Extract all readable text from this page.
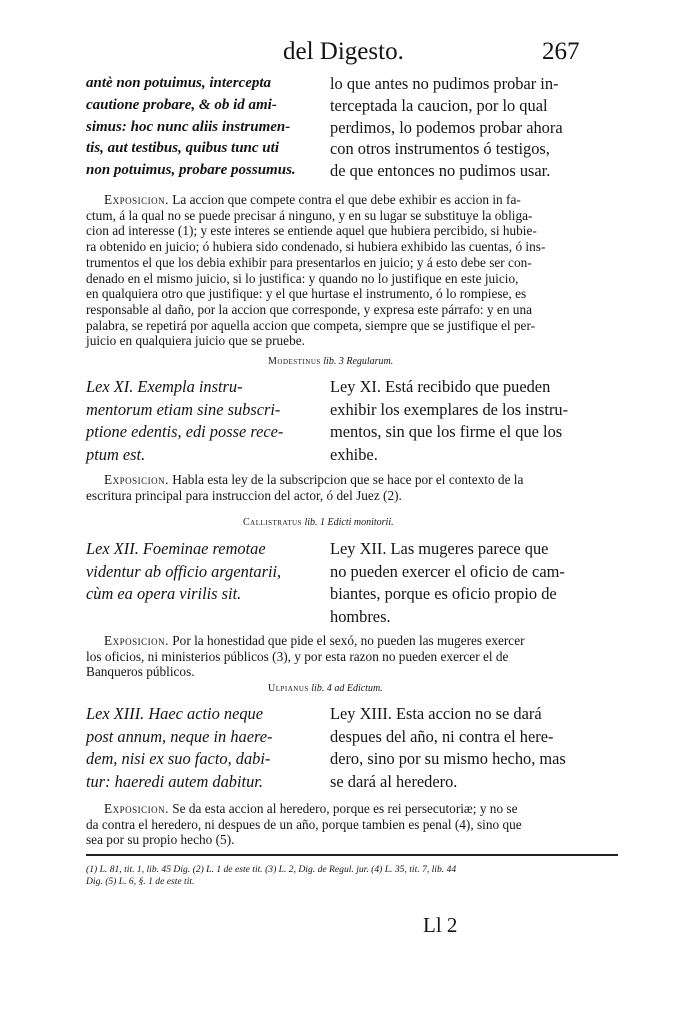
del Digesto.	267
antè non potuimus, intercepta
cautione probare, & ob id ami-
simus: hoc nunc aliis instrumen-
tis, aut testibus, quibus tunc uti
non potuimus, probare possumus.
lo que antes no pudimos probar in-
terceptada la caucion, por lo qual
perdimos, lo podemos probar ahora
con otros instrumentos ó testigos,
de que entonces no pudimos usar.
Exposicion. La accion que compete contra el que debe exhibir es accion in fa-
ctum, á la qual no se puede precisar á ninguno, y en su lugar se substituye la obliga-
cion ad interesse (1); y este interes se entiende aquel que hubiera percibido, si hubie-
ra obtenido en juicio; ó hubiera sido condenado, si hubiera exhibido las cuentas, ó ins-
trumentos el que los debia exhibir para presentarlos en juicio; y á esto debe ser con-
denado en el mismo juicio, si lo justifica: y quando no lo justifique en este juicio,
en qualquiera otro que justifique: y el que hurtase el instrumento, ó lo rompiese, es
responsable al daño, por la accion que corresponde, y expresa este párrafo: y en una
palabra, se repetirá por aquella accion que competa, siempre que se justifique el per-
juicio en qualquiera juicio que se pruebe.
Modestinus lib. 3 Regularum.
Lex XI. Exempla instru-
mentorum etiam sine subscri-
ptione edentis, edi posse rece-
ptum est.
Ley XI. Está recibido que pueden
exhibir los exemplares de los instru-
mentos, sin que los firme el que los
exhibe.
Exposicion. Habla esta ley de la subscripcion que se hace por el contexto de la
escritura principal para instruccion del actor, ó del Juez (2).
Callistratus lib. 1 Edicti monitorii.
Lex XII. Foeminae remotae
videntur ab officio argentarii,
cùm ea opera virilis sit.
Ley XII. Las mugeres parece que
no pueden exercer el oficio de cam-
biantes, porque es oficio propio de
hombres.
Exposicion. Por la honestidad que pide el sexó, no pueden las mugeres exercer
los oficios, ni ministerios públicos (3), y por esta razon no pueden exercer el de
Banqueros públicos.
Ulpianus lib. 4 ad Edictum.
Lex XIII. Haec actio neque
post annum, neque in haere-
dem, nisi ex suo facto, dabi-
tur: haeredi autem dabitur.
Ley XIII. Esta accion no se dará
despues del año, ni contra el here-
dero, sino por su mismo hecho, mas
se dará al heredero.
Exposicion. Se da esta accion al heredero, porque es rei persecutoriæ; y no se
da contra el heredero, ni despues de un año, porque tambien es penal (4), sino que
sea por su propio hecho (5).
(1) L. 81, tit. 1, lib. 45 Dig. (2) L. 1 de este tit. (3) L. 2, Dig. de Regul. jur. (4) L. 35, tit. 7, lib. 44
Dig. (5) L. 6, §. 1 de este tit.
Ll 2
